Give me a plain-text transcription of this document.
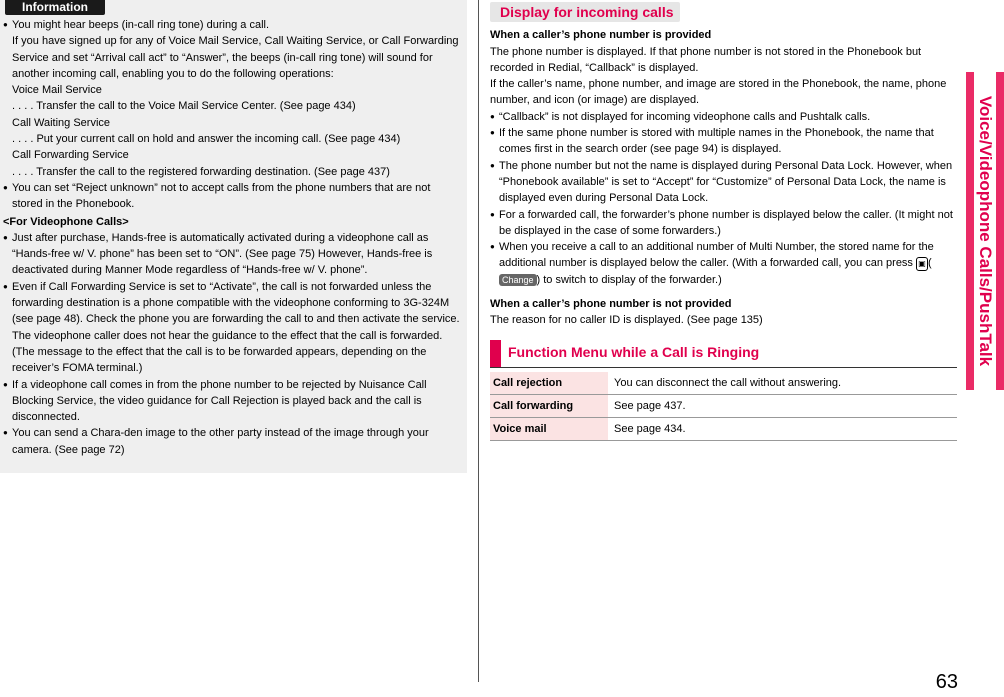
Information
● You might hear beeps (in-call ring tone) during a call.
If you have signed up for any of Voice Mail Service, Call Waiting Service, or Call Forwarding Service and set “Arrival call act” to “Answer”, the beeps (in-call ring tone) will sound for another incoming call, enabling you to do the following operations:
Voice Mail Service
. . . . Transfer the call to the Voice Mail Service Center. (See page 434)
Call Waiting Service
. . . . Put your current call on hold and answer the incoming call. (See page 434)
Call Forwarding Service
. . . . Transfer the call to the registered forwarding destination. (See page 437)
● You can set “Reject unknown” not to accept calls from the phone numbers that are not stored in the Phonebook.
<For Videophone Calls>
● Just after purchase, Hands-free is automatically activated during a videophone call as “Hands-free w/ V. phone” has been set to “ON”. (See page 75) However, Hands-free is deactivated during Manner Mode regardless of “Hands-free w/ V. phone”.
● Even if Call Forwarding Service is set to “Activate”, the call is not forwarded unless the forwarding destination is a phone compatible with the videophone conforming to 3G-324M (see page 48). Check the phone you are forwarding the call to and then activate the service. The videophone caller does not hear the guidance to the effect that the call is forwarded. (The message to the effect that the call is to be forwarded appears, depending on the receiver’s FOMA terminal.)
● If a videophone call comes in from the phone number to be rejected by Nuisance Call Blocking Service, the video guidance for Call Rejection is played back and the call is disconnected.
● You can send a Chara-den image to the other party instead of the image through your camera. (See page 72)
Display for incoming calls
When a caller’s phone number is provided
The phone number is displayed. If that phone number is not stored in the Phonebook but recorded in Redial, “Callback” is displayed.
If the caller’s name, phone number, and image are stored in the Phonebook, the name, phone number, and icon (or image) are displayed.
● “Callback” is not displayed for incoming videophone calls and Pushtalk calls.
● If the same phone number is stored with multiple names in the Phonebook, the name that comes first in the search order (see page 94) is displayed.
● The phone number but not the name is displayed during Personal Data Lock. However, when “Phonebook available” is set to “Accept” for “Customize” of Personal Data Lock, the name is displayed even during Personal Data Lock.
● For a forwarded call, the forwarder’s phone number is displayed below the caller. (It might not be displayed in the case of some forwarders.)
● When you receive a call to an additional number of Multi Number, the stored name for the additional number is displayed below the caller. (With a forwarded call, you can press ▣ (Change ) to switch to display of the forwarder.)
When a caller’s phone number is not provided
The reason for no caller ID is displayed. (See page 135)
Function Menu while a Call is Ringing
Call rejection	You can disconnect the call without answering.
Call forwarding	See page 437.
Voice mail	See page 434.
Voice/Videophone Calls/PushTalk
63
